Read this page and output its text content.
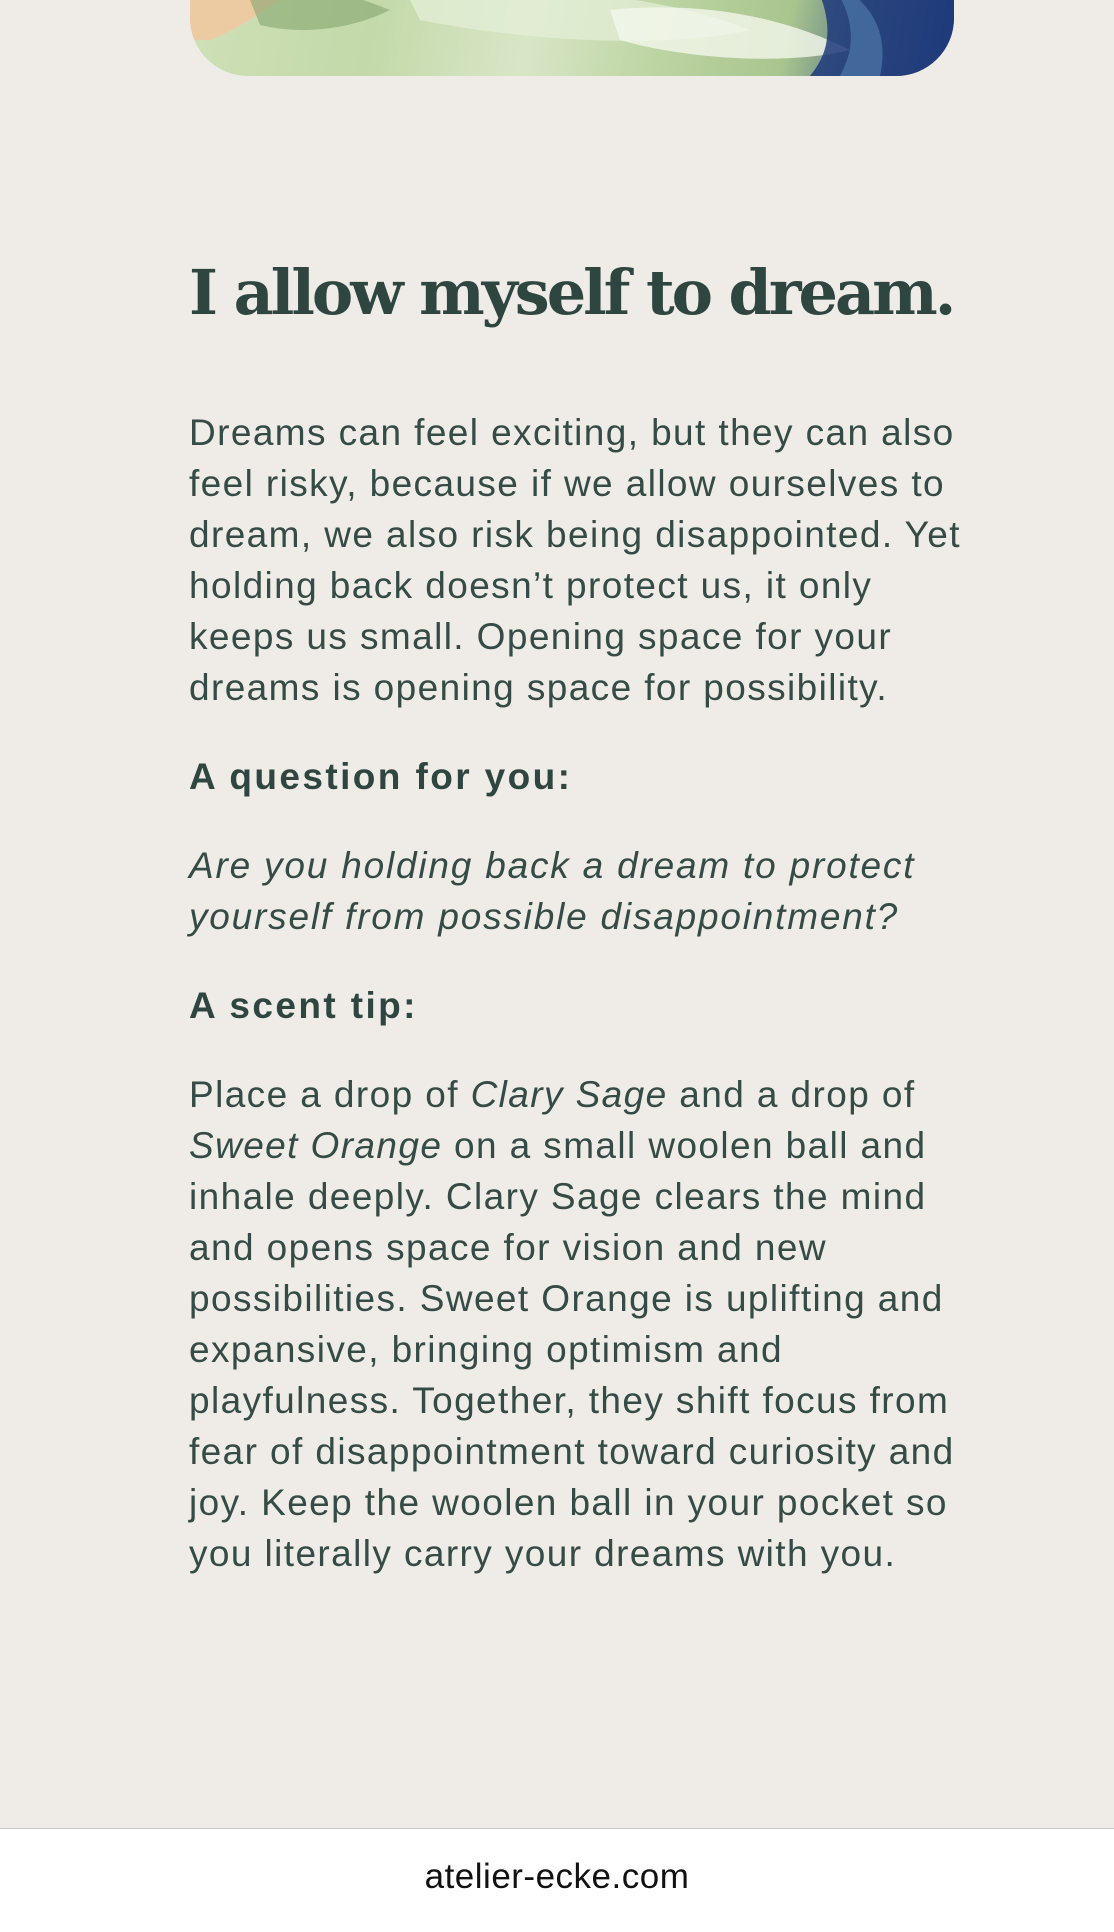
I allow myself to dream.

Dreams can feel exciting, but they can also feel risky, because if we allow ourselves to dream, we also risk being disappointed. Yet holding back doesn’t protect us, it only keeps us small. Opening space for your dreams is opening space for possibility.

A question for you:

Are you holding back a dream to protect yourself from possible disappointment?

A scent tip:

Place a drop of Clary Sage and a drop of Sweet Orange on a small woolen ball and inhale deeply. Clary Sage clears the mind and opens space for vision and new possibilities. Sweet Orange is uplifting and expansive, bringing optimism and playfulness. Together, they shift focus from fear of disappointment toward curiosity and joy. Keep the woolen ball in your pocket so you literally carry your dreams with you.

atelier-ecke.com
